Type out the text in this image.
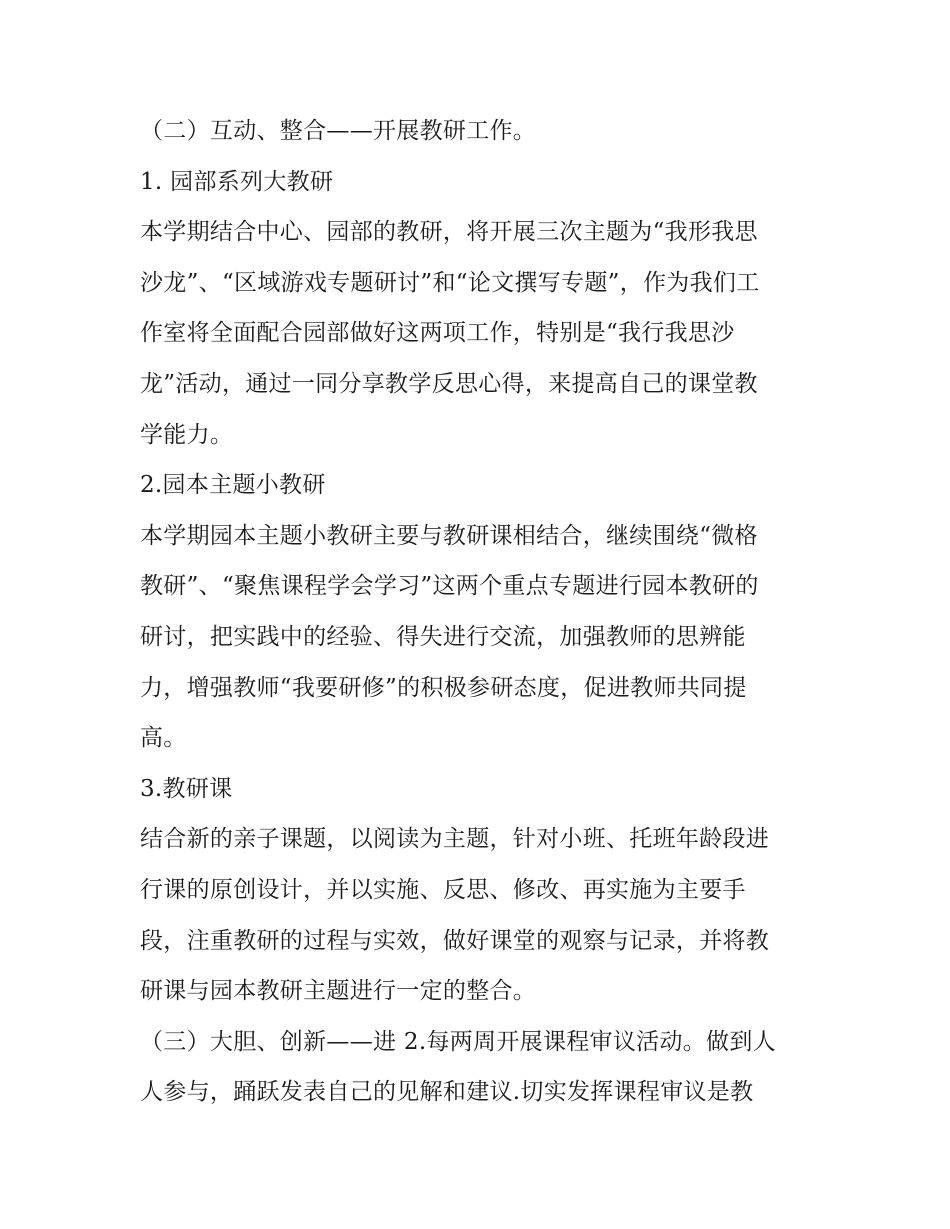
（二）互动、整合——开展教研工作。
1. 园部系列大教研
本学期结合中心、园部的教研，将开展三次主题为“我形我思
沙龙”、“区域游戏专题研讨”和“论文撰写专题”，作为我们工
作室将全面配合园部做好这两项工作，特别是“我行我思沙
龙”活动，通过一同分享教学反思心得，来提高自己的课堂教
学能力。
2.园本主题小教研
本学期园本主题小教研主要与教研课相结合，继续围绕“微格
教研”、“聚焦课程学会学习”这两个重点专题进行园本教研的
研讨，把实践中的经验、得失进行交流，加强教师的思辨能
力，增强教师“我要研修”的积极参研态度，促进教师共同提
高。
3.教研课
结合新的亲子课题，以阅读为主题，针对小班、托班年龄段进
行课的原创设计，并以实施、反思、修改、再实施为主要手
段，注重教研的过程与实效，做好课堂的观察与记录，并将教
研课与园本教研主题进行一定的整合。
（三）大胆、创新——进 2.每两周开展课程审议活动。做到人
人参与，踊跃发表自己的见解和建议.切实发挥课程审议是教
